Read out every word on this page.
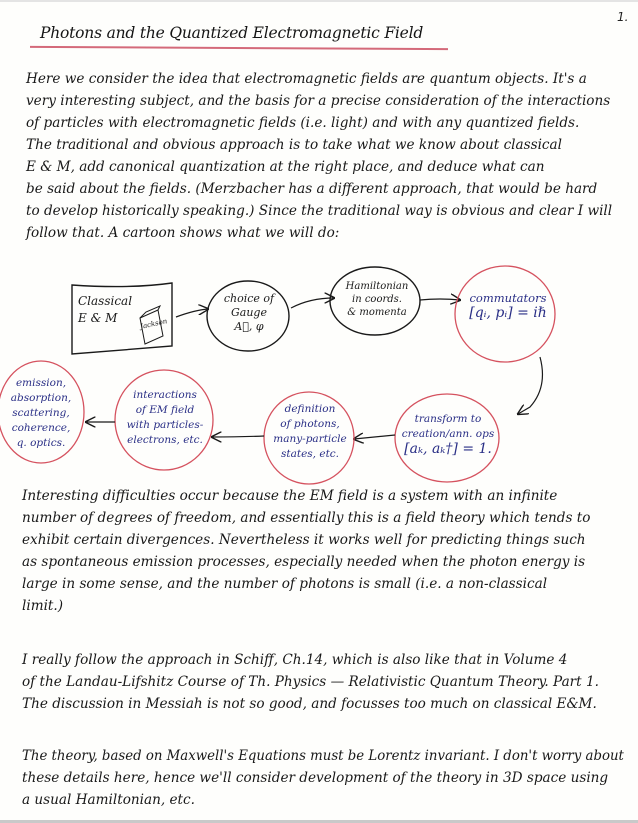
1.
Photons and the Quantized Electromagnetic Field
Here we consider the idea that electromagnetic fields are quantum objects. It's a
very interesting subject, and the basis for a precise consideration of the interactions
of particles with electromagnetic fields (i.e. light) and with any quantized fields.
The traditional and obvious approach is to take what we know about classical
E & M, add canonical quantization at the right place, and deduce what can
be said about the fields. (Merzbacher has a different approach, that would be hard
to develop historically speaking.) Since the traditional way is obvious and clear I will
follow that. A cartoon shows what we will do:
Classical
E & M	Jackson
choice of
Gauge
A⃗, φ
Hamiltonian
in coords.
& momenta
commutators
[qᵢ, pᵢ] = iℏ
transform to
creation/ann. ops
[aₖ, aₖ†] = 1.
definition
of photons,
many-particle
states, etc.
interactions
of EM field
with particles-
electrons, etc.
emission,
absorption,
scattering,
coherence,
q. optics.
Interesting difficulties occur because the EM field is a system with an infinite
number of degrees of freedom, and essentially this is a field theory which tends to
exhibit certain divergences. Nevertheless it works well for predicting things such
as spontaneous emission processes, especially needed when the photon energy is
large in some sense, and the number of photons is small (i.e. a non-classical
limit.)
I really follow the approach in Schiff, Ch.14, which is also like that in Volume 4
of the Landau-Lifshitz Course of Th. Physics — Relativistic Quantum Theory. Part 1.
The discussion in Messiah is not so good, and focusses too much on classical E&M.
The theory, based on Maxwell's Equations must be Lorentz invariant. I don't worry about
these details here, hence we'll consider development of the theory in 3D space using
a usual Hamiltonian, etc.
